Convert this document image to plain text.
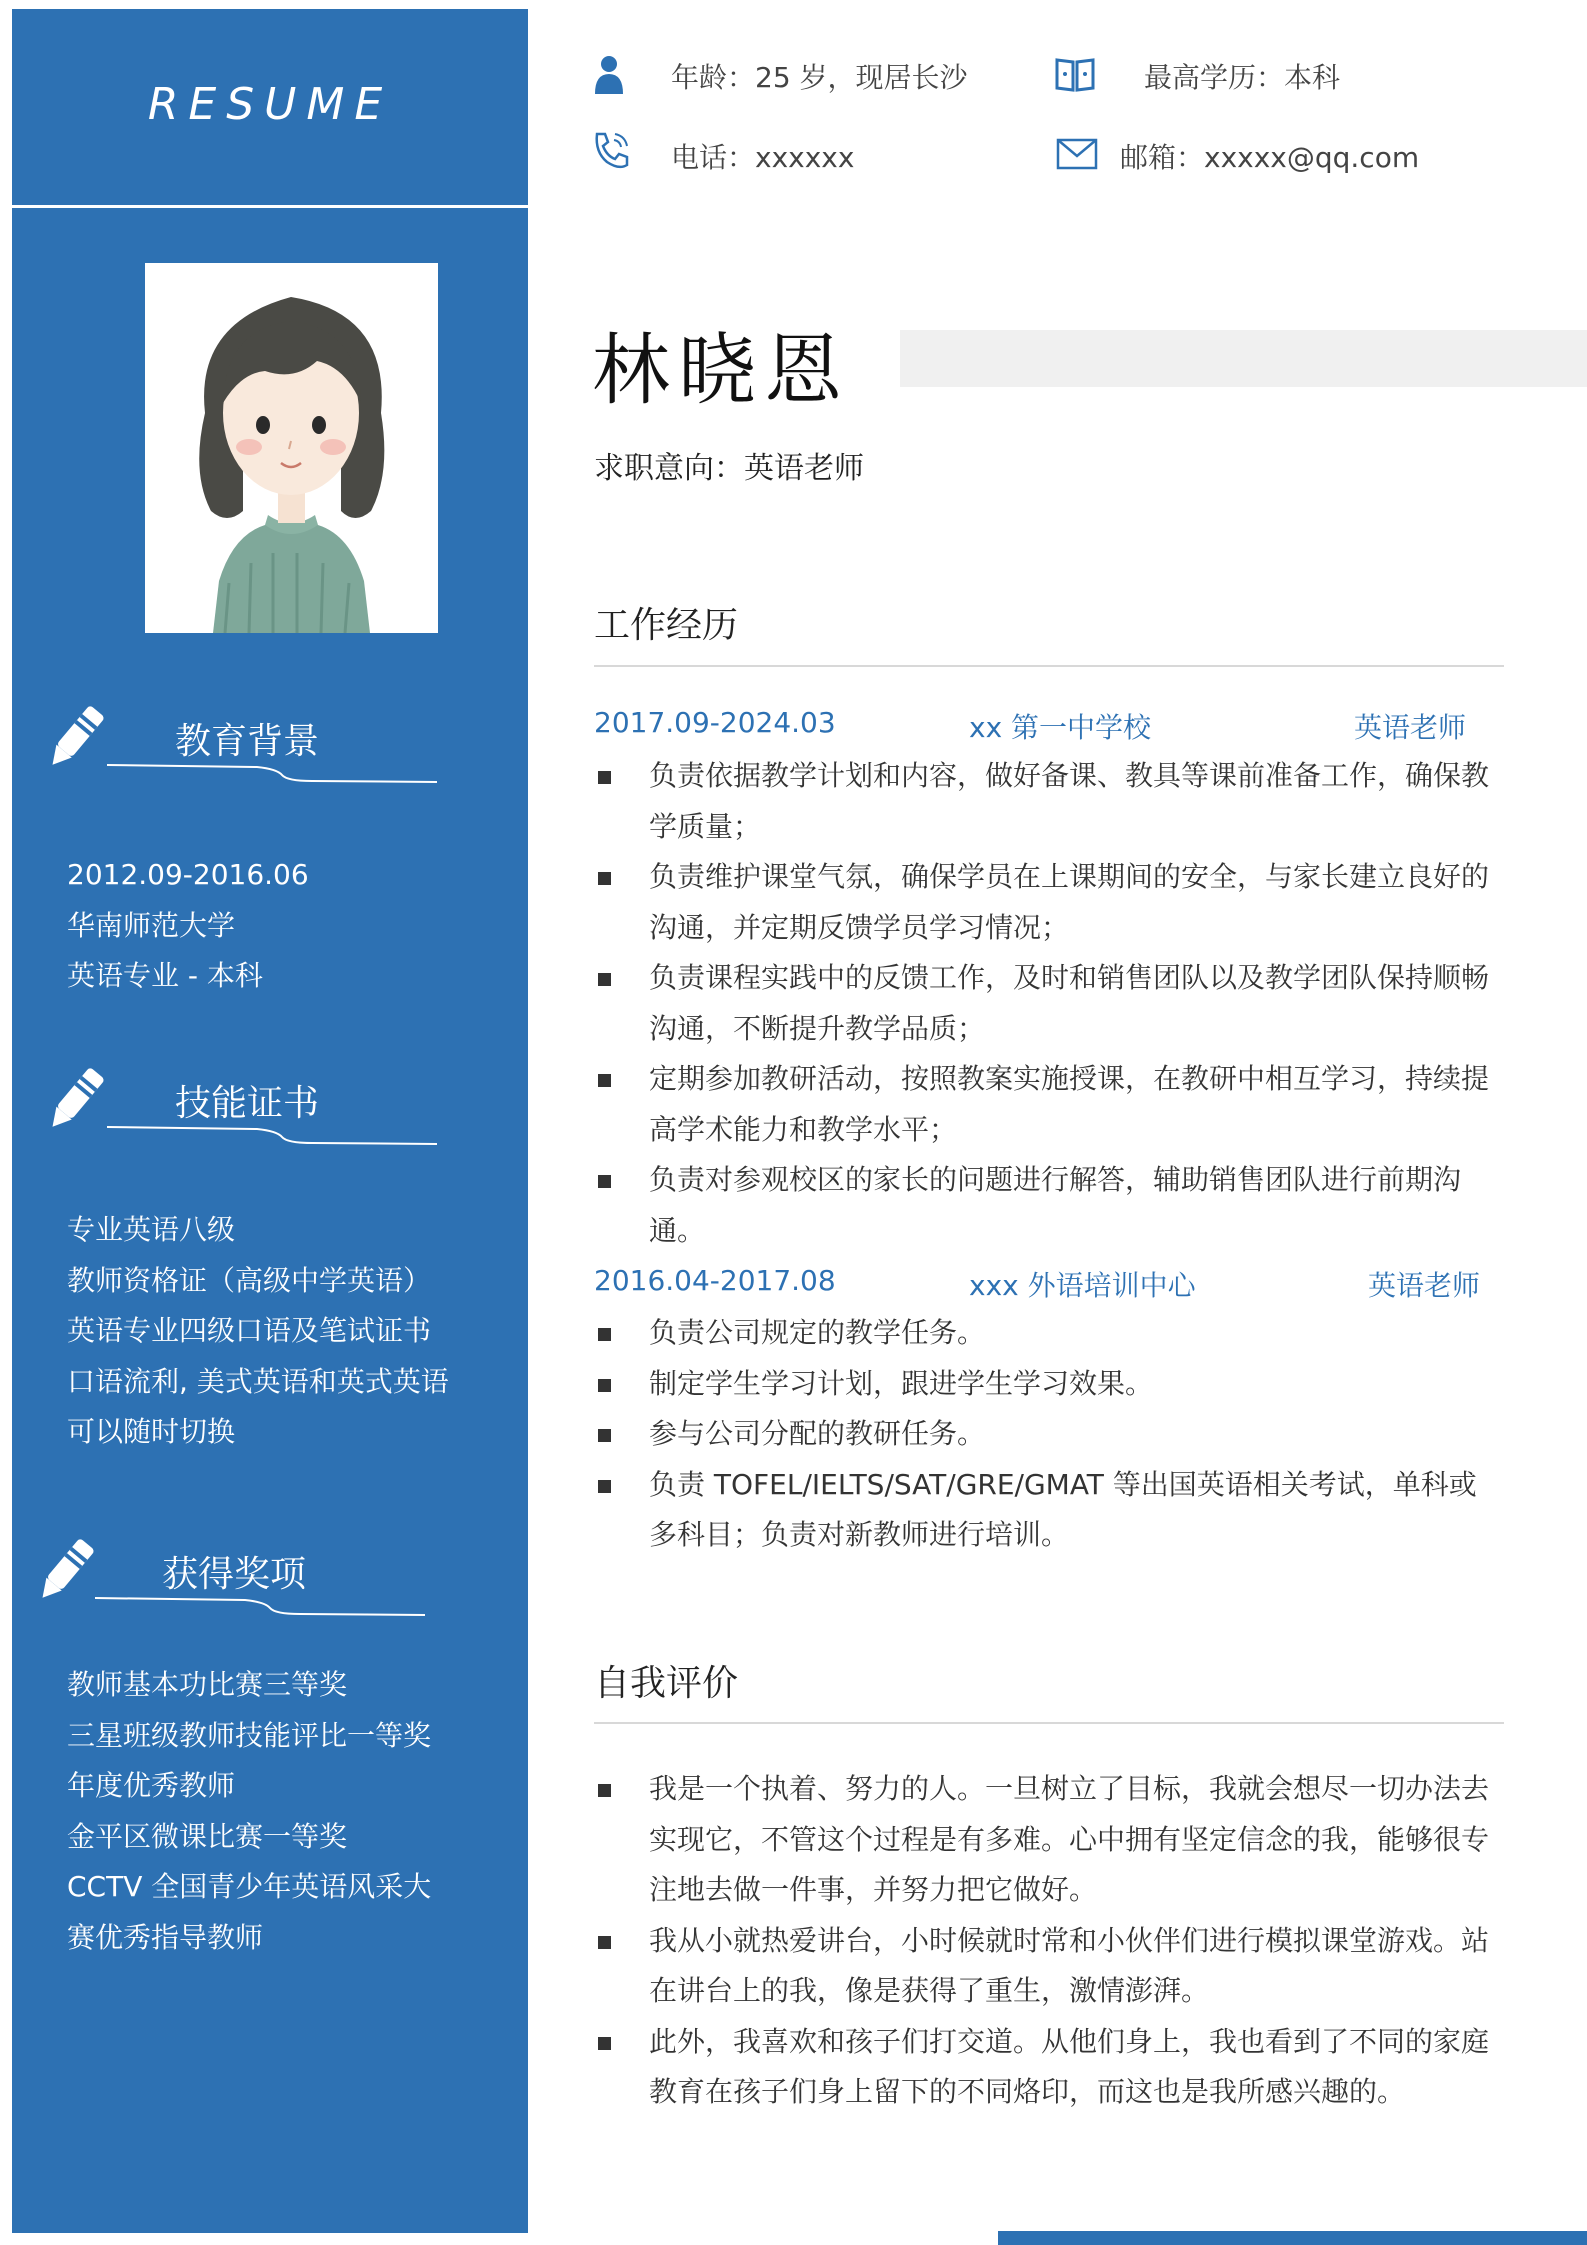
RESUME
教育背景
2012.09-2016.06
华南师范大学
英语专业 - 本科
技能证书
专业英语八级
教师资格证（高级中学英语）
英语专业四级口语及笔试证书
口语流利, 美式英语和英式英语
可以随时切换
获得奖项
教师基本功比赛三等奖
三星班级教师技能评比一等奖
年度优秀教师
金平区微课比赛一等奖
CCTV 全国青少年英语风采大
赛优秀指导教师
年龄：25 岁，现居长沙	最高学历：本科
电话：xxxxxx	邮箱：xxxxx@qq.com
林晓恩
求职意向：英语老师
工作经历
2017.09-2024.03	xx 第一中学校	英语老师
负责依据教学计划和内容，做好备课、教具等课前准备工作，确保教学质量；
负责维护课堂气氛，确保学员在上课期间的安全，与家长建立良好的沟通，并定期反馈学员学习情况；
负责课程实践中的反馈工作，及时和销售团队以及教学团队保持顺畅沟通，不断提升教学品质；
定期参加教研活动，按照教案实施授课，在教研中相互学习，持续提高学术能力和教学水平；
负责对参观校区的家长的问题进行解答，辅助销售团队进行前期沟通。
2016.04-2017.08	xxx 外语培训中心	英语老师
负责公司规定的教学任务。
制定学生学习计划，跟进学生学习效果。
参与公司分配的教研任务。
负责 TOFEL/IELTS/SAT/GRE/GMAT 等出国英语相关考试，单科或多科目；负责对新教师进行培训。
自我评价
我是一个执着、努力的人。一旦树立了目标，我就会想尽一切办法去实现它，不管这个过程是有多难。心中拥有坚定信念的我，能够很专注地去做一件事，并努力把它做好。
我从小就热爱讲台，小时候就时常和小伙伴们进行模拟课堂游戏。站在讲台上的我，像是获得了重生，激情澎湃。
此外，我喜欢和孩子们打交道。从他们身上，我也看到了不同的家庭教育在孩子们身上留下的不同烙印，而这也是我所感兴趣的。
